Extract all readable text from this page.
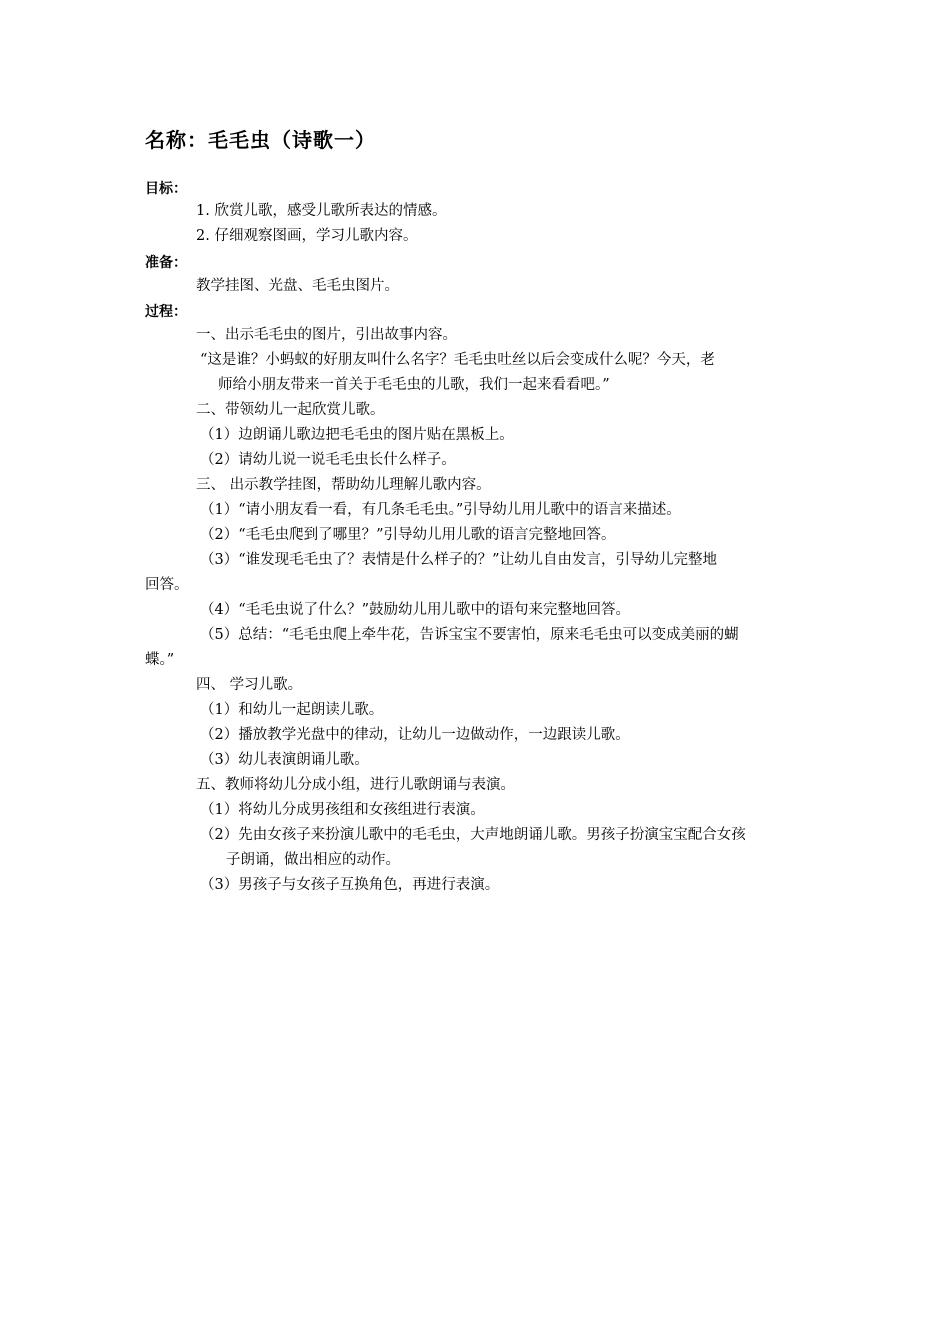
名称：毛毛虫（诗歌一）
目标：
1. 欣赏儿歌，感受儿歌所表达的情感。
2. 仔细观察图画，学习儿歌内容。
准备：
教学挂图、光盘、毛毛虫图片。
过程：
一、出示毛毛虫的图片，引出故事内容。
“这是谁？小蚂蚁的好朋友叫什么名字？毛毛虫吐丝以后会变成什么呢？今天，老
师给小朋友带来一首关于毛毛虫的儿歌，我们一起来看看吧。”
二、带领幼儿一起欣赏儿歌。
（1）边朗诵儿歌边把毛毛虫的图片贴在黑板上。
（2）请幼儿说一说毛毛虫长什么样子。
三、 出示教学挂图，帮助幼儿理解儿歌内容。
（1）“请小朋友看一看，有几条毛毛虫。”引导幼儿用儿歌中的语言来描述。
（2）“毛毛虫爬到了哪里？”引导幼儿用儿歌的语言完整地回答。
（3）“谁发现毛毛虫了？表情是什么样子的？”让幼儿自由发言，引导幼儿完整地
回答。
（4）“毛毛虫说了什么？”鼓励幼儿用儿歌中的语句来完整地回答。
（5）总结：“毛毛虫爬上牵牛花，告诉宝宝不要害怕，原来毛毛虫可以变成美丽的蝴
蝶。”
四、 学习儿歌。
（1）和幼儿一起朗读儿歌。
（2）播放教学光盘中的律动，让幼儿一边做动作，一边跟读儿歌。
（3）幼儿表演朗诵儿歌。
五、教师将幼儿分成小组，进行儿歌朗诵与表演。
（1）将幼儿分成男孩组和女孩组进行表演。
（2）先由女孩子来扮演儿歌中的毛毛虫，大声地朗诵儿歌。男孩子扮演宝宝配合女孩
子朗诵，做出相应的动作。
（3）男孩子与女孩子互换角色，再进行表演。
